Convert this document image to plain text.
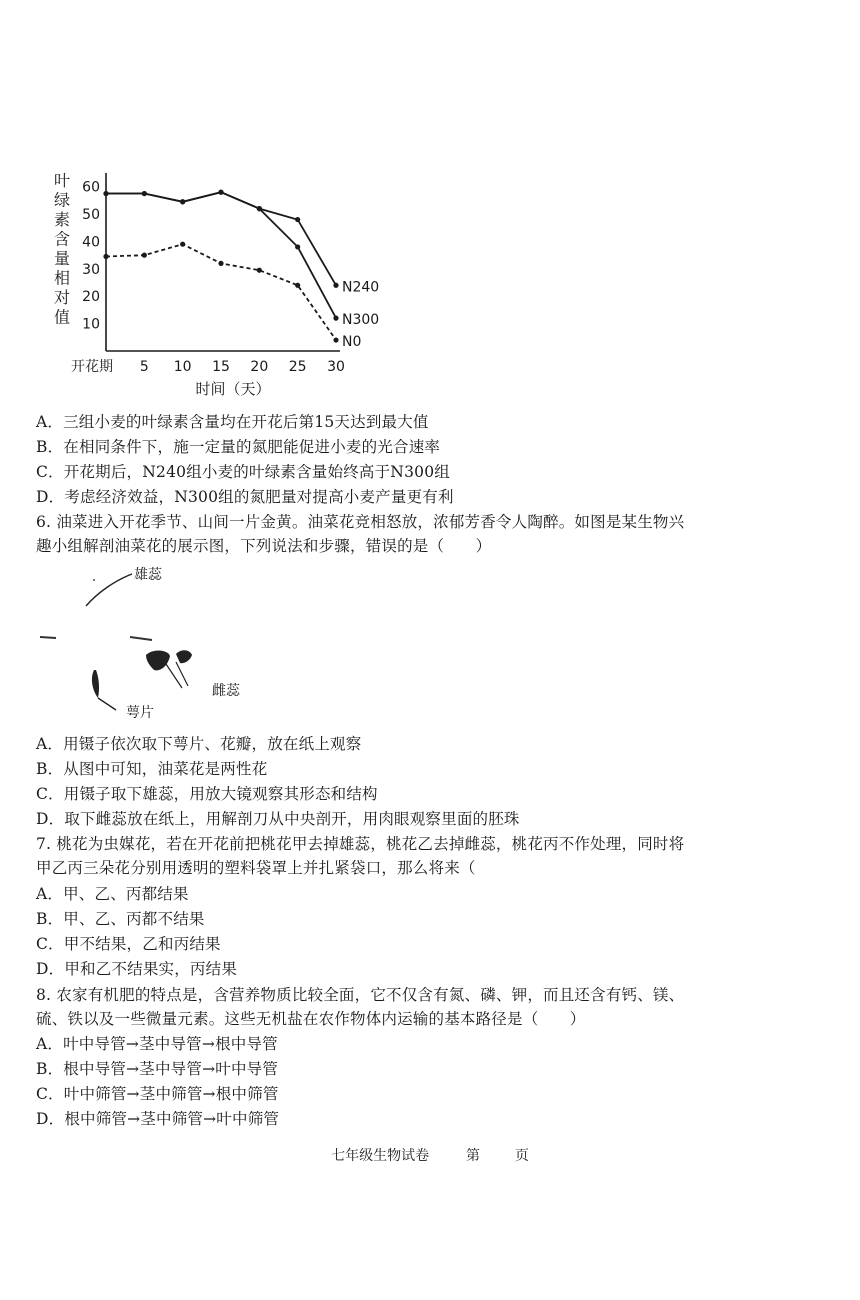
叶
绿
素
含
量
相
对
值 10
20
30
40
50
60
开花期 5 10 15 20 25 30
时间（天）
N240
N300
N0
A．三组小麦的叶绿素含量均在开花后第15天达到最大值
B．在相同条件下，施一定量的氮肥能促进小麦的光合速率
C．开花期后，N240组小麦的叶绿素含量始终高于N300组
D．考虑经济效益，N300组的氮肥量对提高小麦产量更有利
6. 油菜进入开花季节、山间一片金黄。油菜花竞相怒放，浓郁芳香令人陶醉。如图是某生物兴
趣小组解剖油菜花的展示图，下列说法和步骤，错误的是（　　）
雄蕊
雌蕊
萼片
A．用镊子依次取下萼片、花瓣，放在纸上观察
B．从图中可知，油菜花是两性花
C．用镊子取下雄蕊，用放大镜观察其形态和结构
D．取下雌蕊放在纸上，用解剖刀从中央剖开，用肉眼观察里面的胚珠
7. 桃花为虫媒花，若在开花前把桃花甲去掉雄蕊，桃花乙去掉雌蕊，桃花丙不作处理，同时将
甲乙丙三朵花分别用透明的塑料袋罩上并扎紧袋口，那么将来（
A．甲、乙、丙都结果
B．甲、乙、丙都不结果
C．甲不结果，乙和丙结果
D．甲和乙不结果实，丙结果
8. 农家有机肥的特点是，含营养物质比较全面，它不仅含有氮、磷、钾，而且还含有钙、镁、
硫、铁以及一些微量元素。这些无机盐在农作物体内运输的基本路径是（　　）
A．叶中导管→茎中导管→根中导管
B．根中导管→茎中导管→叶中导管
C．叶中筛管→茎中筛管→根中筛管
D．根中筛管→茎中筛管→叶中筛管
七年级生物试卷	第 页
